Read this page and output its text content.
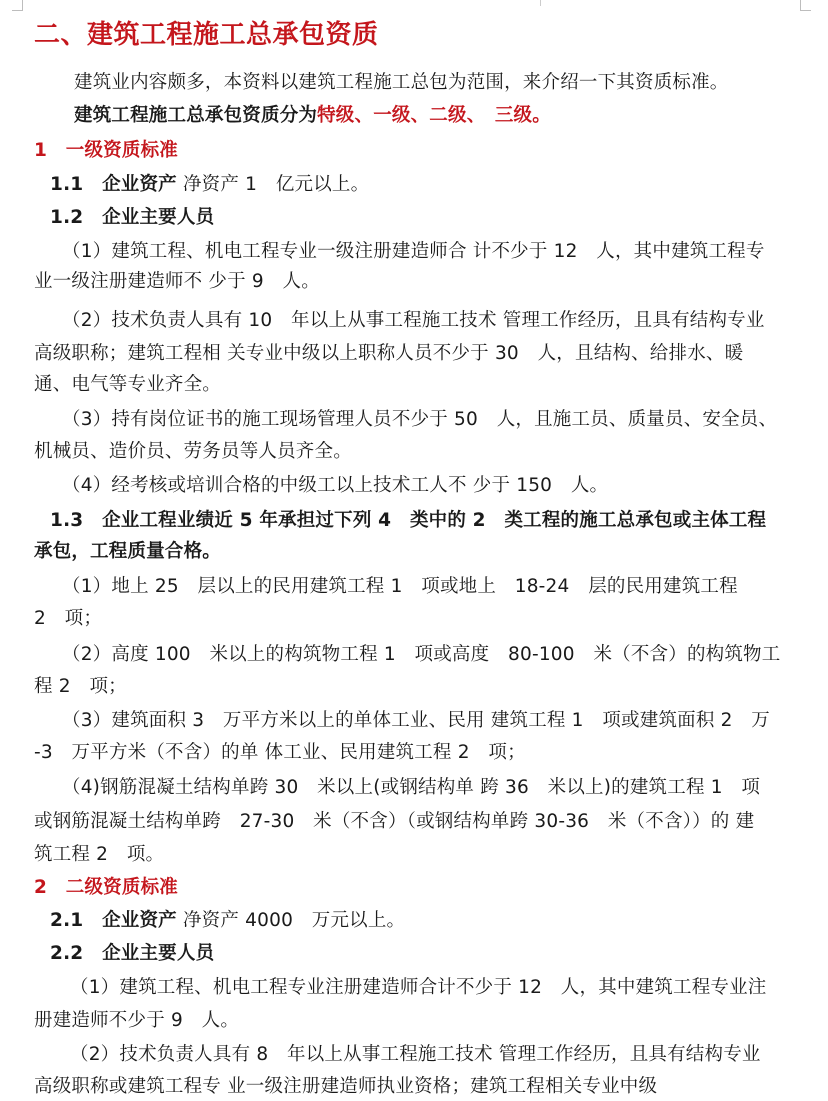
二、建筑工程施工总承包资质
建筑业内容颇多，本资料以建筑工程施工总包为范围，来介绍一下其资质标准。
建筑工程施工总承包资质分为特级、一级、二级、　三级。
1　一级资质标准
1.1　 企业资产 净资产 1　亿元以上。
1.2　 企业主要人员
（1）建筑工程、机电工程专业一级注册建造师合 计不少于 12　人，其中建筑工程专
业一级注册建造师不 少于 9　人。
（2）技术负责人具有 10　年以上从事工程施工技术 管理工作经历，且具有结构专业
高级职称；建筑工程相 关专业中级以上职称人员不少于 30　人，且结构、给排水、暖
通、电气等专业齐全。
（3）持有岗位证书的施工现场管理人员不少于 50　人，且施工员、质量员、安全员、
机械员、造价员、劳务员等人员齐全。
（4）经考核或培训合格的中级工以上技术工人不 少于 150　人。
1.3　企业工程业绩近 5 年承担过下列 4　类中的 2　类工程的施工总承包或主体工程
承包，工程质量合格。
（1）地上 25　层以上的民用建筑工程 1　项或地上　18-24　层的民用建筑工程
2　项；
（2）高度 100　米以上的构筑物工程 1　项或高度　80-100　米（不含）的构筑物工
程 2　项；
（3）建筑面积 3　万平方米以上的单体工业、民用 建筑工程 1　项或建筑面积 2　万
-3　万平方米（不含）的单 体工业、民用建筑工程 2　项；
（4)钢筋混凝土结构单跨 30　米以上(或钢结构单 跨 36　米以上)的建筑工程 1　项
或钢筋混凝土结构单跨　27-30　米（不含）（或钢结构单跨 30-36　米（不含））的 建
筑工程 2　项。
2　二级资质标准
2.1　 企业资产 净资产 4000　万元以上。
2.2　 企业主要人员
（1）建筑工程、机电工程专业注册建造师合计不少于 12　人，其中建筑工程专业注
册建造师不少于 9　人。
（2）技术负责人具有 8　年以上从事工程施工技术 管理工作经历，且具有结构专业
高级职称或建筑工程专 业一级注册建造师执业资格；建筑工程相关专业中级
